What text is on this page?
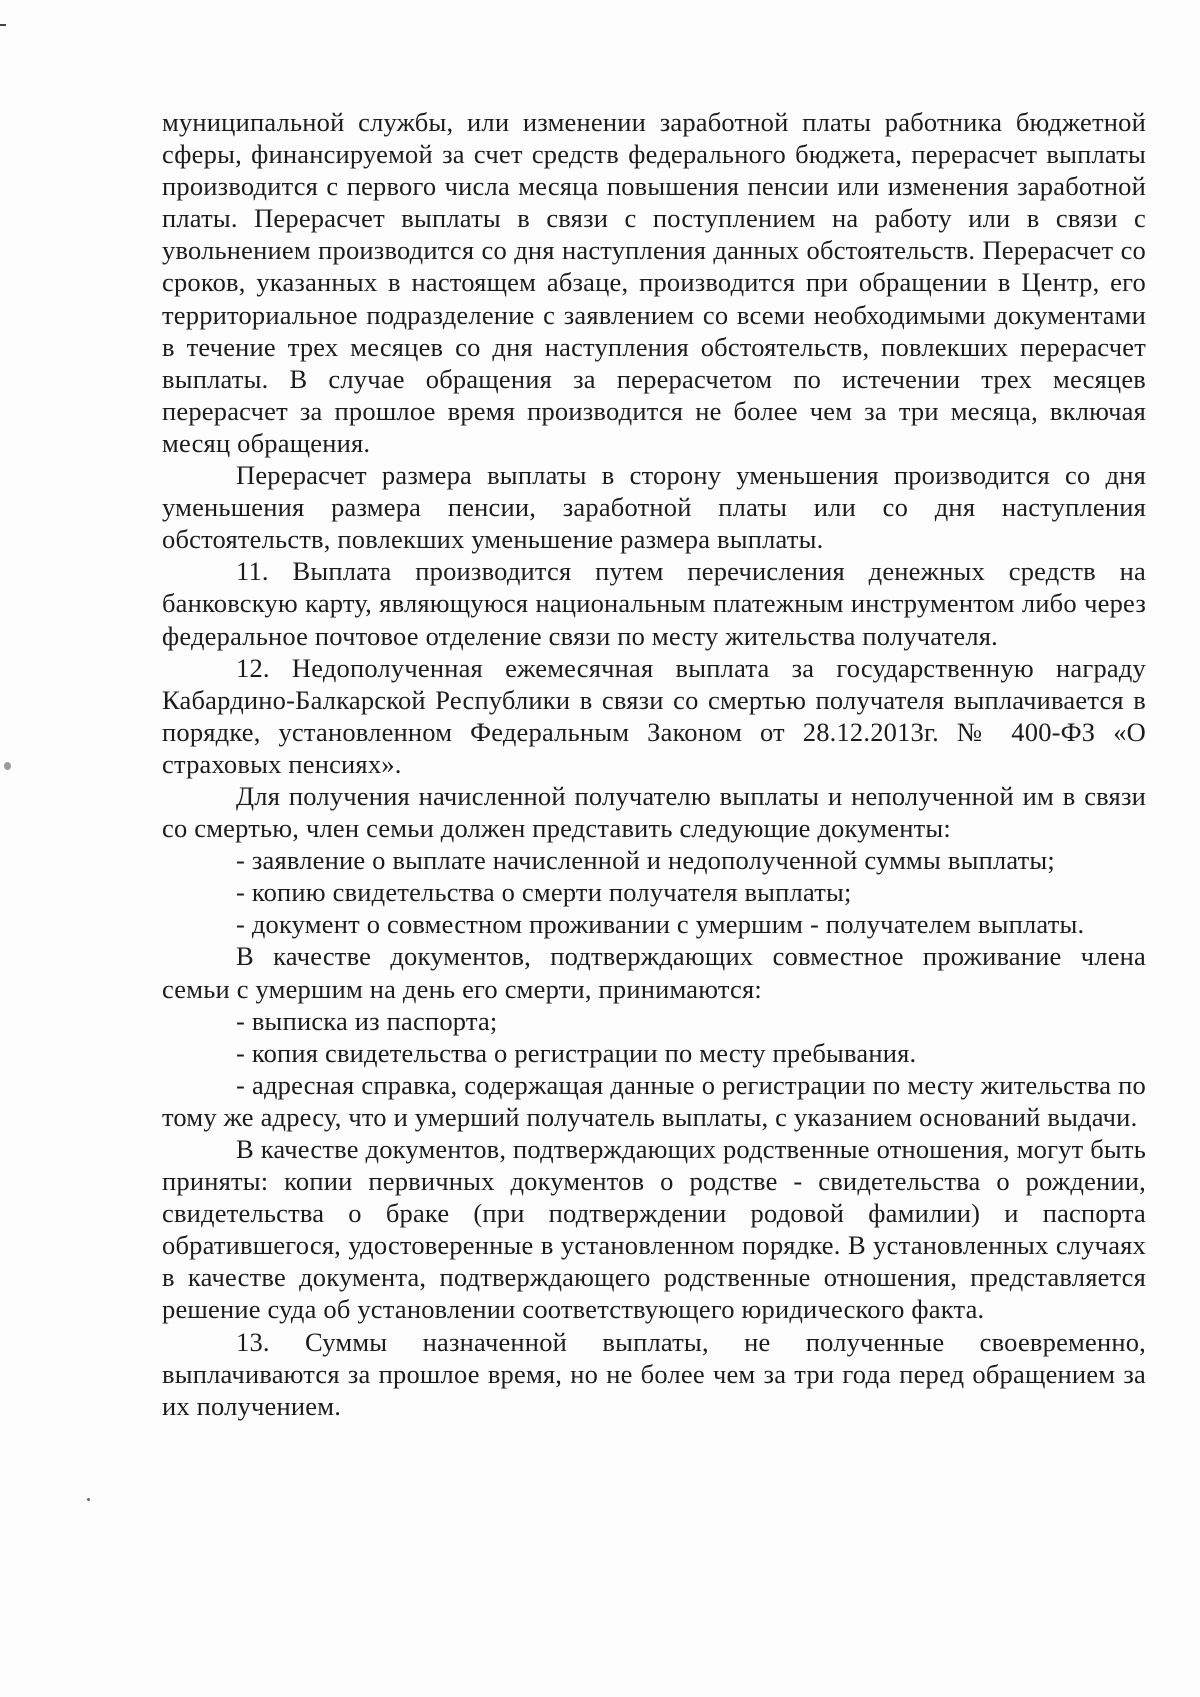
муниципальной службы, или изменении заработной платы работника бюджетной сферы, финансируемой за счет средств федерального бюджета, перерасчет выплаты производится с первого числа месяца повышения пенсии или изменения заработной платы. Перерасчет выплаты в связи с поступлением на работу или в связи с увольнением производится со дня наступления данных обстоятельств. Перерасчет со сроков, указанных в настоящем абзаце, производится при обращении в Центр, его территориальное подразделение с заявлением со всеми необходимыми документами в течение трех месяцев со дня наступления обстоятельств, повлекших перерасчет выплаты. В случае обращения за перерасчетом по истечении трех месяцев перерасчет за прошлое время производится не более чем за три месяца, включая месяц обращения.

Перерасчет размера выплаты в сторону уменьшения производится со дня уменьшения размера пенсии, заработной платы или со дня наступления обстоятельств, повлекших уменьшение размера выплаты.

11. Выплата производится путем перечисления денежных средств на банковскую карту, являющуюся национальным платежным инструментом либо через федеральное почтовое отделение связи по месту жительства получателя.

12. Недополученная ежемесячная выплата за государственную награду Кабардино-Балкарской Республики в связи со смертью получателя выплачивается в порядке, установленном Федеральным Законом от 28.12.2013г. № 400-ФЗ «О страховых пенсиях».

Для получения начисленной получателю выплаты и неполученной им в связи со смертью, член семьи должен представить следующие документы:

- заявление о выплате начисленной и недополученной суммы выплаты;

- копию свидетельства о смерти получателя выплаты;

- документ о совместном проживании с умершим - получателем выплаты.

В качестве документов, подтверждающих совместное проживание члена семьи с умершим на день его смерти, принимаются:

- выписка из паспорта;

- копия свидетельства о регистрации по месту пребывания.

- адресная справка, содержащая данные о регистрации по месту жительства по тому же адресу, что и умерший получатель выплаты, с указанием оснований выдачи.

В качестве документов, подтверждающих родственные отношения, могут быть приняты: копии первичных документов о родстве - свидетельства о рождении, свидетельства о браке (при подтверждении родовой фамилии) и паспорта обратившегося, удостоверенные в установленном порядке. В установленных случаях в качестве документа, подтверждающего родственные отношения, представляется решение суда об установлении соответствующего юридического факта.

13. Суммы назначенной выплаты, не полученные своевременно, выплачиваются за прошлое время, но не более чем за три года перед обращением за их получением.
